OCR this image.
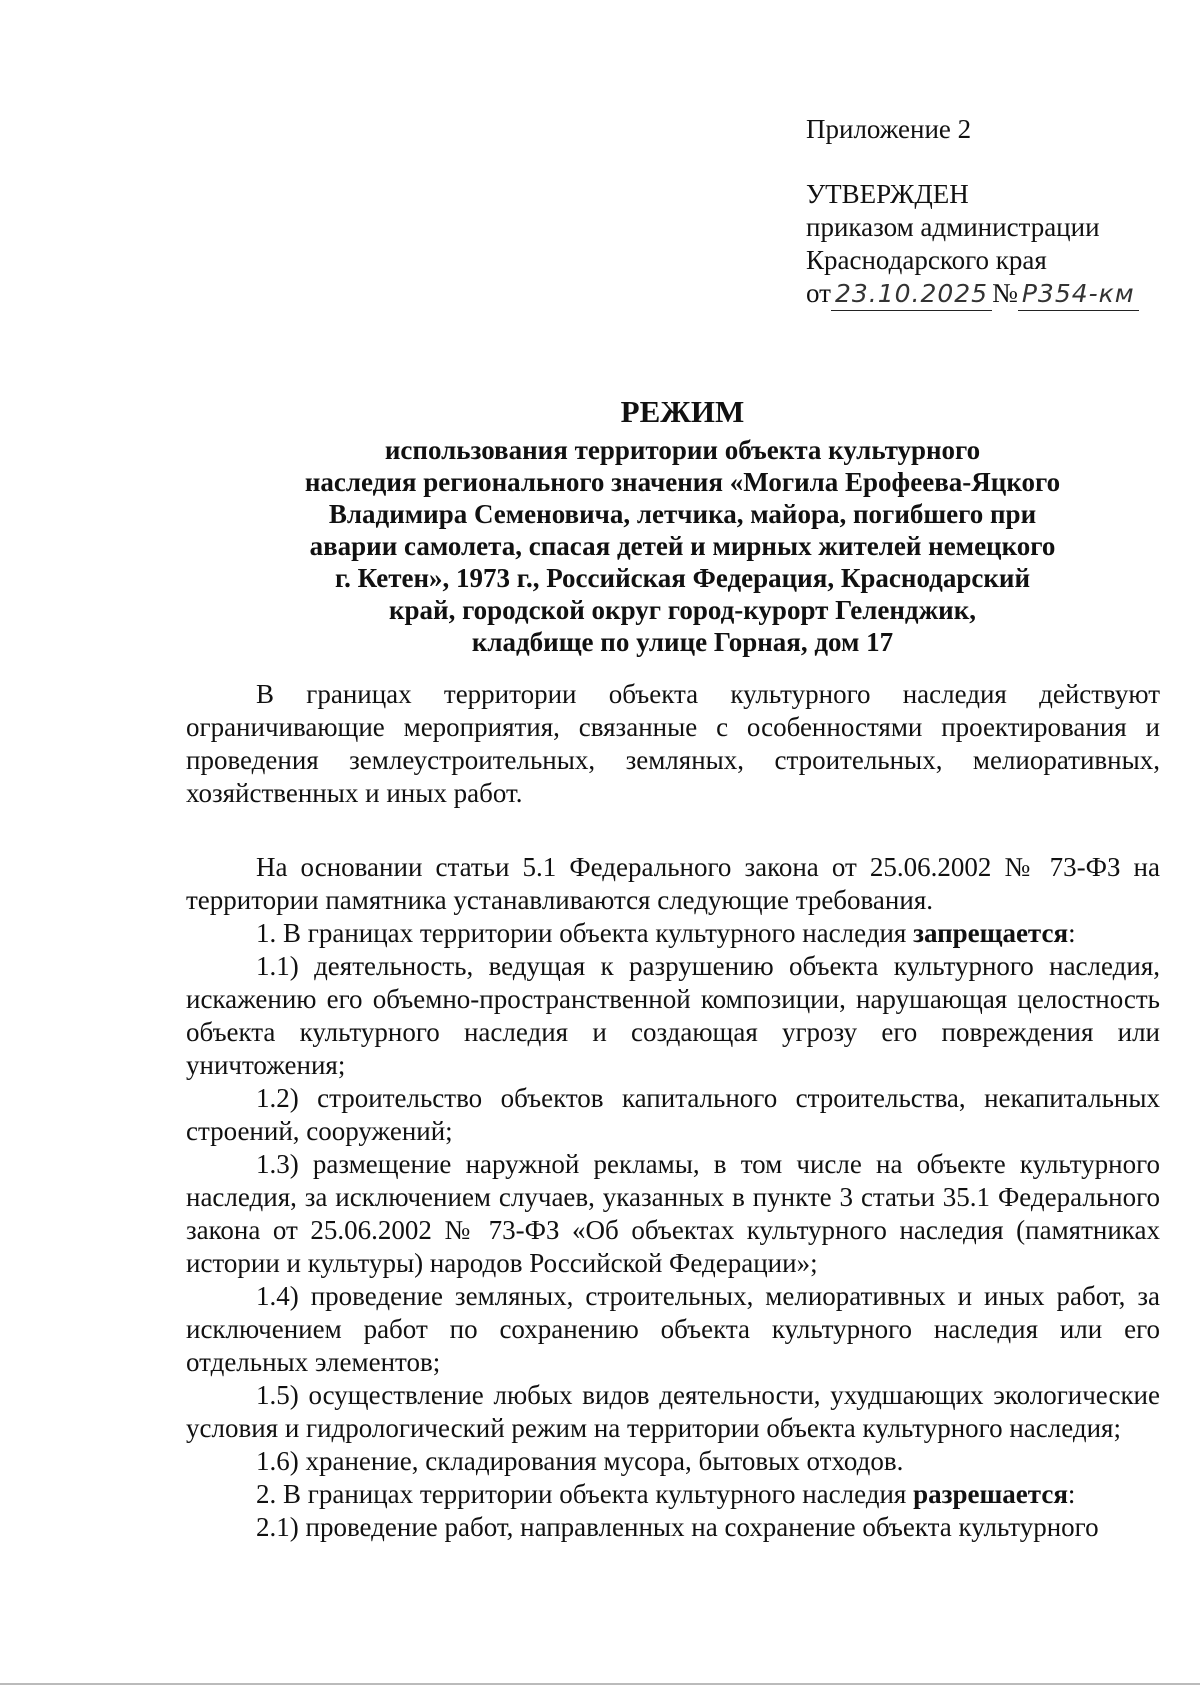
Приложение 2
УТВЕРЖДЕН
приказом администрации
Краснодарского края
от 23.10.2025 № Р354-км
РЕЖИМ
использования территории объекта культурного
наследия регионального значения «Могила Ерофеева-Яцкого
Владимира Семеновича, летчика, майора, погибшего при
аварии самолета, спасая детей и мирных жителей немецкого
г. Кетен», 1973 г., Российская Федерация, Краснодарский
край, городской округ город-курорт Геленджик,
кладбище по улице Горная, дом 17

В границах территории объекта культурного наследия действуют ограничивающие мероприятия, связанные с особенностями проектирования и проведения землеустроительных, земляных, строительных, мелиоративных, хозяйственных и иных работ.

На основании статьи 5.1 Федерального закона от 25.06.2002 № 73-ФЗ на территории памятника устанавливаются следующие требования.

1. В границах территории объекта культурного наследия запрещается:

1.1) деятельность, ведущая к разрушению объекта культурного наследия, искажению его объемно-пространственной композиции, нарушающая целостность объекта культурного наследия и создающая угрозу его повреждения или уничтожения;

1.2) строительство объектов капитального строительства, некапитальных строений, сооружений;

1.3) размещение наружной рекламы, в том числе на объекте культурного наследия, за исключением случаев, указанных в пункте 3 статьи 35.1 Федерального закона от 25.06.2002 № 73-ФЗ «Об объектах культурного наследия (памятниках истории и культуры) народов Российской Федерации»;

1.4) проведение земляных, строительных, мелиоративных и иных работ, за исключением работ по сохранению объекта культурного наследия или его отдельных элементов;

1.5) осуществление любых видов деятельности, ухудшающих экологические условия и гидрологический режим на территории объекта культурного наследия;

1.6) хранение, складирования мусора, бытовых отходов.

2. В границах территории объекта культурного наследия разрешается:

2.1) проведение работ, направленных на сохранение объекта культурного
